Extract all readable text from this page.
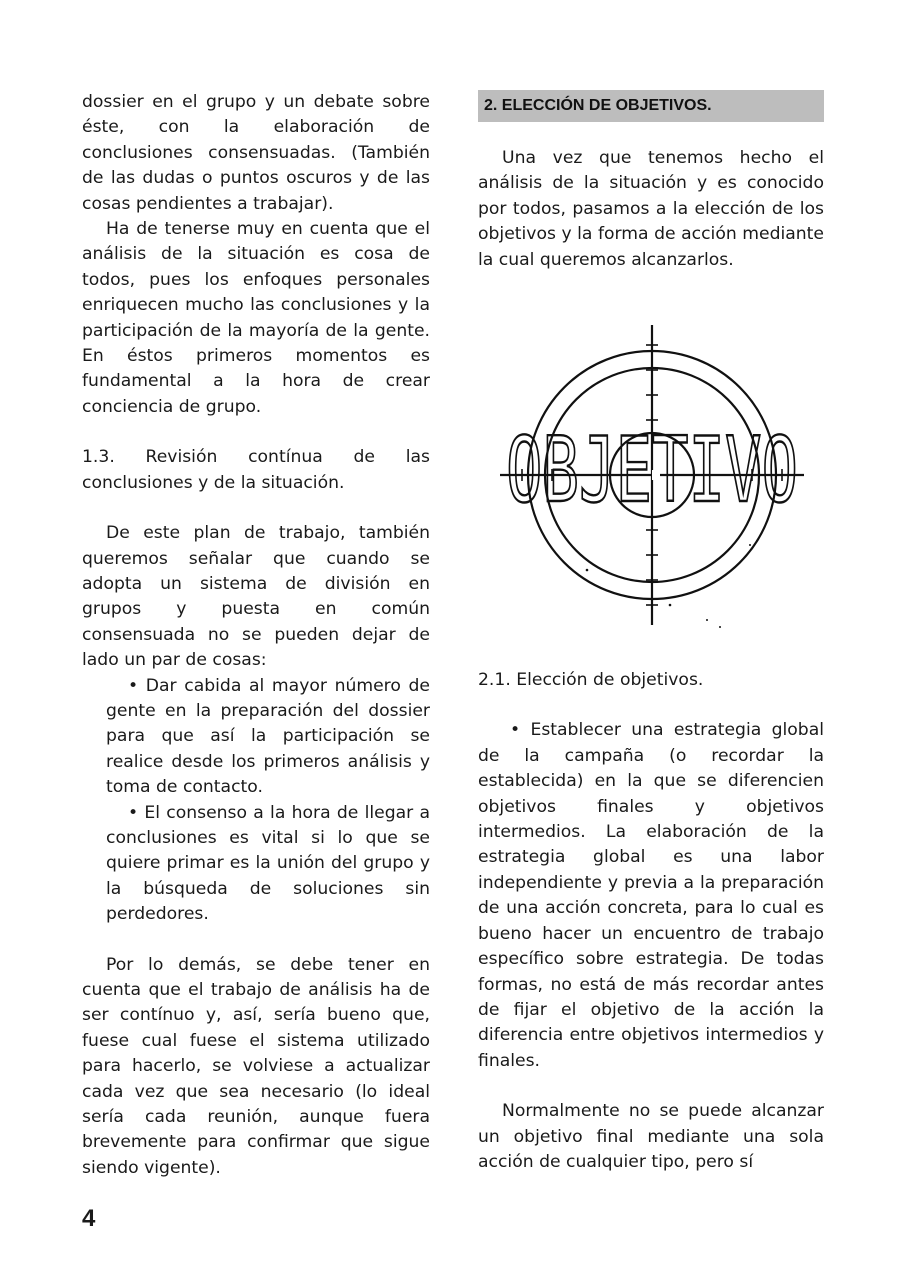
dossier en el grupo y un debate sobre éste, con la elaboración de conclusiones consensuadas. (También de las dudas o puntos oscuros y de las cosas pendientes a trabajar).

Ha de tenerse muy en cuenta que el análisis de la situación es cosa de todos, pues los enfoques personales enriquecen mucho las conclusiones y la participación de la mayoría de la gente. En éstos primeros momentos es fundamental a la hora de crear conciencia de grupo.

1.3. Revisión contínua de las conclusiones y de la situación.

De este plan de trabajo, también queremos señalar que cuando se adopta un sistema de división en grupos y puesta en común consensuada no se pueden dejar de lado un par de cosas:

• Dar cabida al mayor número de gente en la preparación del dossier para que así la participación se realice desde los primeros análisis y toma de contacto.

• El consenso a la hora de llegar a conclusiones es vital si lo que se quiere primar es la unión del grupo y la búsqueda de soluciones sin perdedores.

Por lo demás, se debe tener en cuenta que el trabajo de análisis ha de ser contínuo y, así, sería bueno que, fuese cual fuese el sistema utilizado para hacerlo, se volviese a actualizar cada vez que sea necesario (lo ideal sería cada reunión, aunque fuera brevemente para confirmar que sigue siendo vigente).

2. ELECCIÓN DE OBJETIVOS.

Una vez que tenemos hecho el análisis de la situación y es conocido por todos, pasamos a la elección de los objetivos y la forma de acción mediante la cual queremos alcanzarlos.

OBJETIVO

2.1. Elección de objetivos.

• Establecer una estrategia global de la campaña (o recordar la establecida) en la que se diferencien objetivos finales y objetivos intermedios. La elaboración de la estrategia global es una labor independiente y previa a la preparación de una acción concreta, para lo cual es bueno hacer un encuentro de trabajo específico sobre estrategia. De todas formas, no está de más recordar antes de fijar el objetivo de la acción la diferencia entre objetivos intermedios y finales.

Normalmente no se puede alcanzar un objetivo final mediante una sola acción de cualquier tipo, pero sí

4
